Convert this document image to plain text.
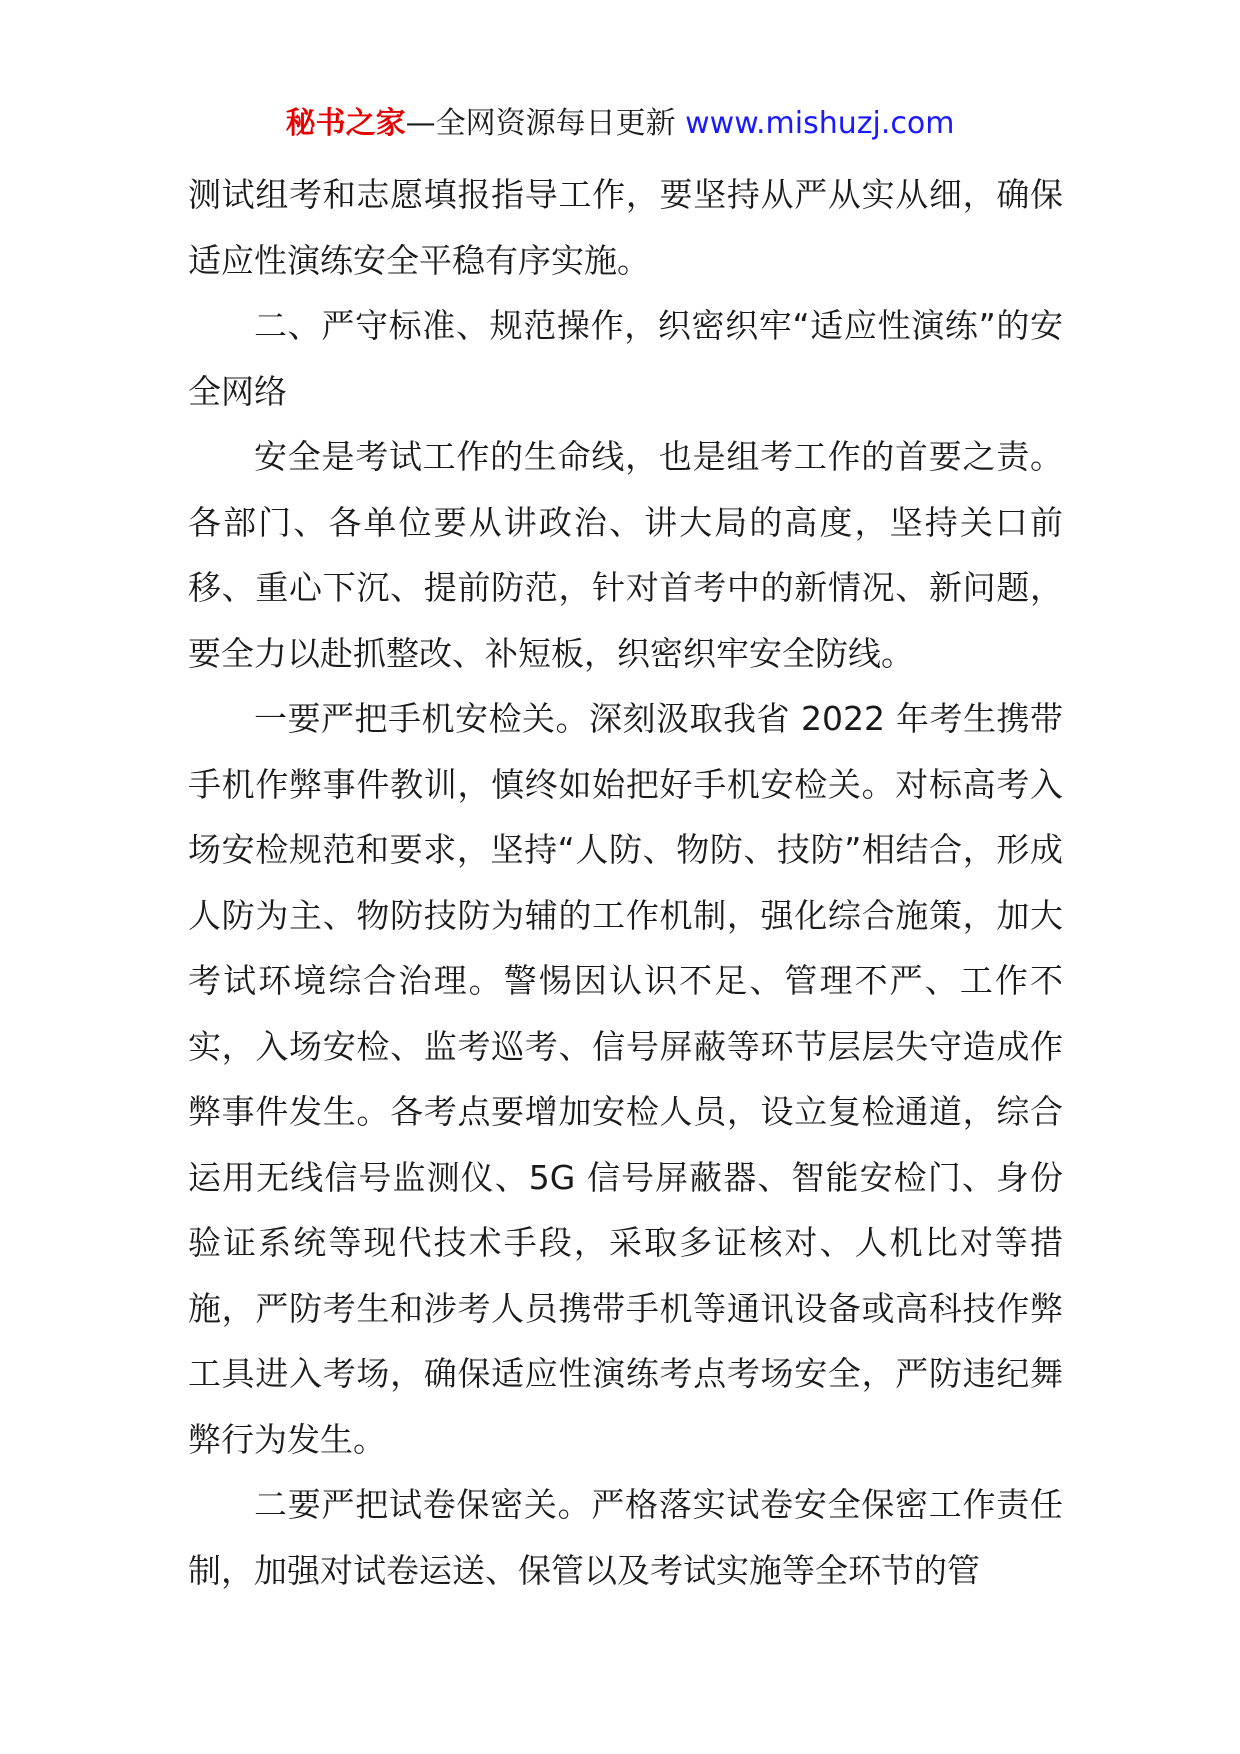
秘书之家—全网资源每日更新 www.mishuzj.com

测试组考和志愿填报指导工作，要坚持从严从实从细，确保适应性演练安全平稳有序实施。

二、严守标准、规范操作，织密织牢“适应性演练”的安全网络

安全是考试工作的生命线，也是组考工作的首要之责。各部门、各单位要从讲政治、讲大局的高度，坚持关口前移、重心下沉、提前防范，针对首考中的新情况、新问题，要全力以赴抓整改、补短板，织密织牢安全防线。

一要严把手机安检关。深刻汲取我省 2022 年考生携带手机作弊事件教训，慎终如始把好手机安检关。对标高考入场安检规范和要求，坚持“人防、物防、技防”相结合，形成人防为主、物防技防为辅的工作机制，强化综合施策，加大考试环境综合治理。警惕因认识不足、管理不严、工作不实，入场安检、监考巡考、信号屏蔽等环节层层失守造成作弊事件发生。各考点要增加安检人员，设立复检通道，综合运用无线信号监测仪、5G 信号屏蔽器、智能安检门、身份验证系统等现代技术手段，采取多证核对、人机比对等措施，严防考生和涉考人员携带手机等通讯设备或高科技作弊工具进入考场，确保适应性演练考点考场安全，严防违纪舞弊行为发生。

二要严把试卷保密关。严格落实试卷安全保密工作责任制，加强对试卷运送、保管以及考试实施等全环节的管
